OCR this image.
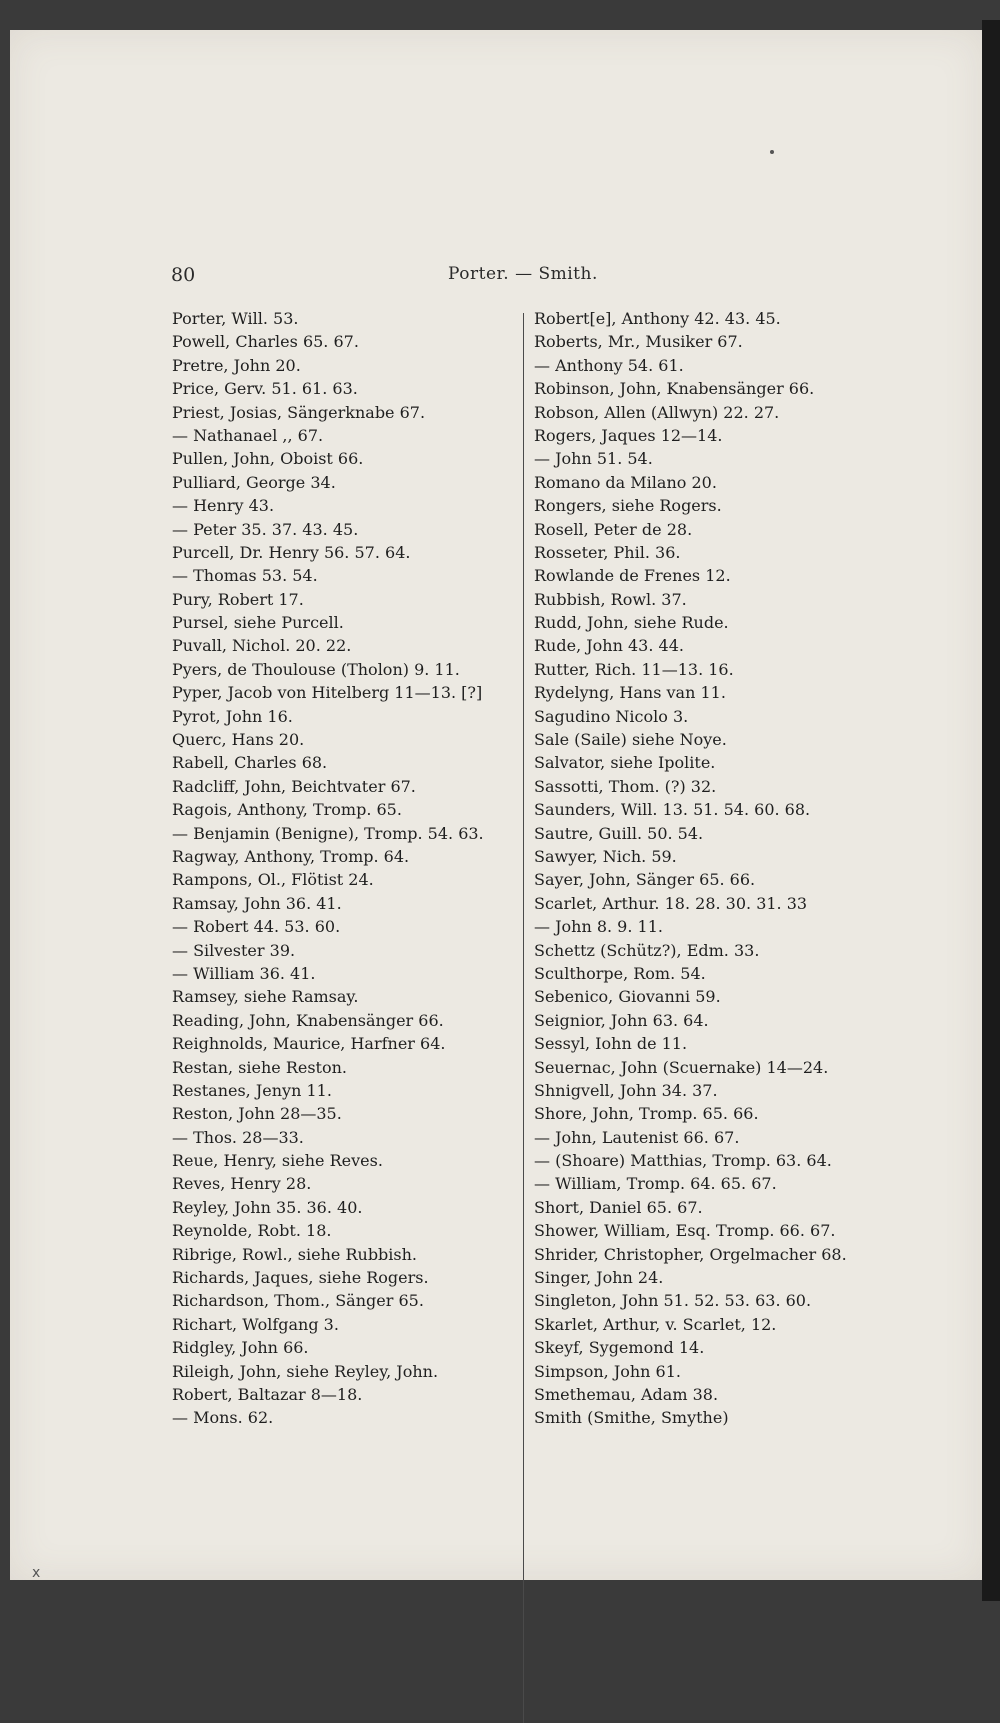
80	Porter. — Smith.
Porter, Will. 53.
Powell, Charles 65. 67.
Pretre, John 20.
Price, Gerv. 51. 61. 63.
Priest, Josias, Sängerknabe 67.
— Nathanael ,, 67.
Pullen, John, Oboist 66.
Pulliard, George 34.
— Henry 43.
— Peter 35. 37. 43. 45.
Purcell, Dr. Henry 56. 57. 64.
— Thomas 53. 54.
Pury, Robert 17.
Pursel, siehe Purcell.
Puvall, Nichol. 20. 22.
Pyers, de Thoulouse (Tholon) 9. 11.
Pyper, Jacob von Hitelberg 11—13. [?]
Pyrot, John 16.
Querc, Hans 20.
Rabell, Charles 68.
Radcliff, John, Beichtvater 67.
Ragois, Anthony, Tromp. 65.
— Benjamin (Benigne), Tromp. 54. 63.
Ragway, Anthony, Tromp. 64.
Rampons, Ol., Flötist 24.
Ramsay, John 36. 41.
— Robert 44. 53. 60.
— Silvester 39.
— William 36. 41.
Ramsey, siehe Ramsay.
Reading, John, Knabensänger 66.
Reighnolds, Maurice, Harfner 64.
Restan, siehe Reston.
Restanes, Jenyn 11.
Reston, John 28—35.
— Thos. 28—33.
Reue, Henry, siehe Reves.
Reves, Henry 28.
Reyley, John 35. 36. 40.
Reynolde, Robt. 18.
Ribrige, Rowl., siehe Rubbish.
Richards, Jaques, siehe Rogers.
Richardson, Thom., Sänger 65.
Richart, Wolfgang 3.
Ridgley, John 66.
Rileigh, John, siehe Reyley, John.
Robert, Baltazar 8—18.
— Mons. 62.
Robert[e], Anthony 42. 43. 45.
Roberts, Mr., Musiker 67.
— Anthony 54. 61.
Robinson, John, Knabensänger 66.
Robson, Allen (Allwyn) 22. 27.
Rogers, Jaques 12—14.
— John 51. 54.
Romano da Milano 20.
Rongers, siehe Rogers.
Rosell, Peter de 28.
Rosseter, Phil. 36.
Rowlande de Frenes 12.
Rubbish, Rowl. 37.
Rudd, John, siehe Rude.
Rude, John 43. 44.
Rutter, Rich. 11—13. 16.
Rydelyng, Hans van 11.
Sagudino Nicolo 3.
Sale (Saile) siehe Noye.
Salvator, siehe Ipolite.
Sassotti, Thom. (?) 32.
Saunders, Will. 13. 51. 54. 60. 68.
Sautre, Guill. 50. 54.
Sawyer, Nich. 59.
Sayer, John, Sänger 65. 66.
Scarlet, Arthur. 18. 28. 30. 31. 33
— John 8. 9. 11.
Schettz (Schütz?), Edm. 33.
Sculthorpe, Rom. 54.
Sebenico, Giovanni 59.
Seignior, John 63. 64.
Sessyl, Iohn de 11.
Seuernac, John (Scuernake) 14—24.
Shnigvell, John 34. 37.
Shore, John, Tromp. 65. 66.
— John, Lautenist 66. 67.
— (Shoare) Matthias, Tromp. 63. 64.
— William, Tromp. 64. 65. 67.
Short, Daniel 65. 67.
Shower, William, Esq. Tromp. 66. 67.
Shrider, Christopher, Orgelmacher 68.
Singer, John 24.
Singleton, John 51. 52. 53. 63. 60.
Skarlet, Arthur, v. Scarlet, 12.
Skeyf, Sygemond 14.
Simpson, John 61.
Smethemau, Adam 38.
Smith (Smithe, Smythe)
x
